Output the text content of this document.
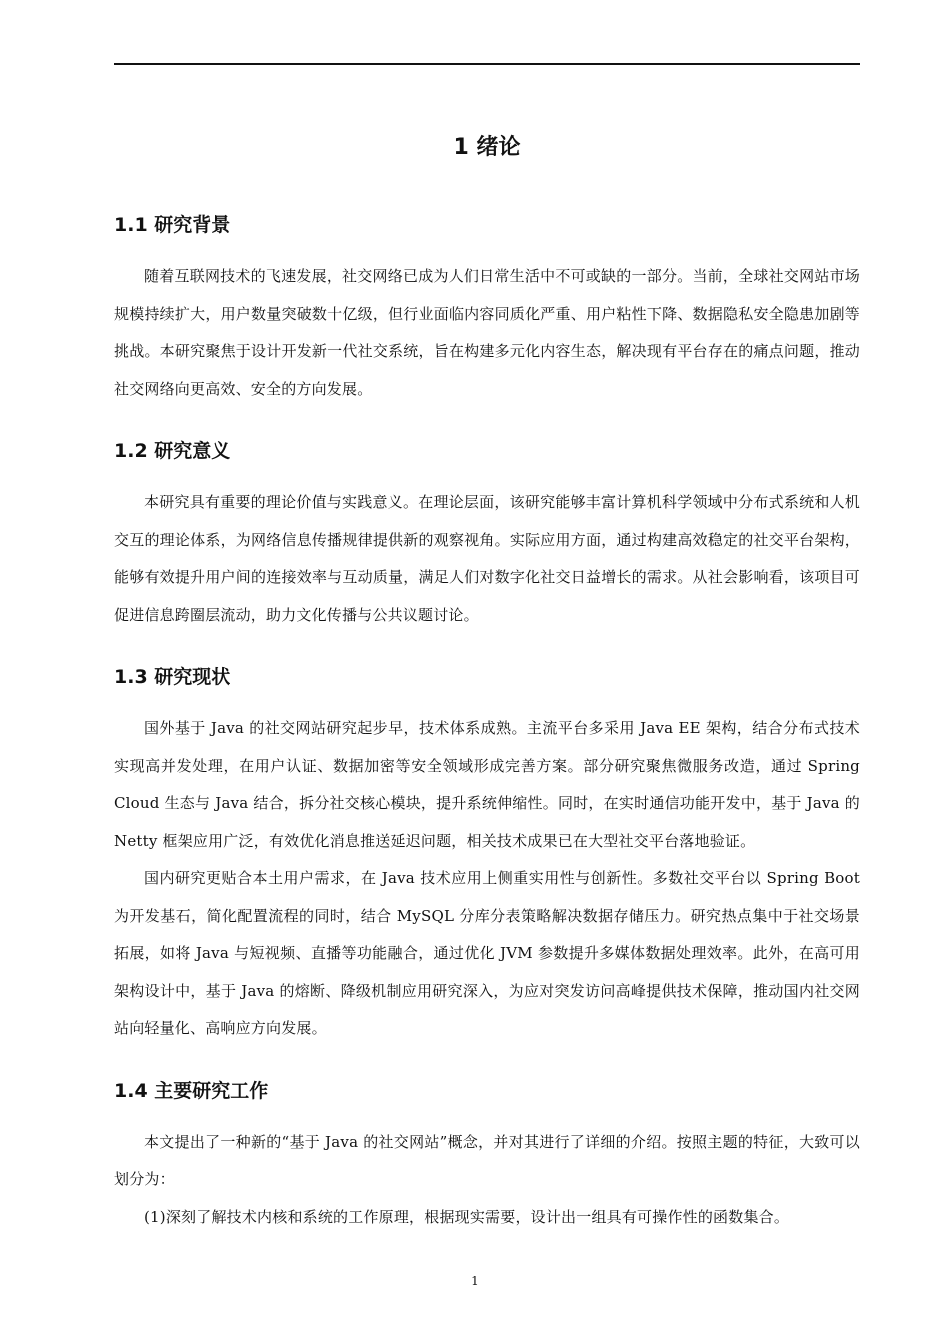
1 绪论
1.1 研究背景

随着互联网技术的飞速发展，社交网络已成为人们日常生活中不可或缺的一部分。当前，全球社交网站市场规模持续扩大，用户数量突破数十亿级，但行业面临内容同质化严重、用户粘性下降、数据隐私安全隐患加剧等挑战。本研究聚焦于设计开发新一代社交系统，旨在构建多元化内容生态，解决现有平台存在的痛点问题，推动社交网络向更高效、安全的方向发展。

1.2 研究意义

本研究具有重要的理论价值与实践意义。在理论层面，该研究能够丰富计算机科学领域中分布式系统和人机交互的理论体系，为网络信息传播规律提供新的观察视角。实际应用方面，通过构建高效稳定的社交平台架构，能够有效提升用户间的连接效率与互动质量，满足人们对数字化社交日益增长的需求。从社会影响看，该项目可促进信息跨圈层流动，助力文化传播与公共议题讨论。

1.3 研究现状

国外基于 Java 的社交网站研究起步早，技术体系成熟。主流平台多采用 Java EE 架构，结合分布式技术实现高并发处理，在用户认证、数据加密等安全领域形成完善方案。部分研究聚焦微服务改造，通过 Spring Cloud 生态与 Java 结合，拆分社交核心模块，提升系统伸缩性。同时，在实时通信功能开发中，基于 Java 的 Netty 框架应用广泛，有效优化消息推送延迟问题，相关技术成果已在大型社交平台落地验证。

国内研究更贴合本土用户需求，在 Java 技术应用上侧重实用性与创新性。多数社交平台以 Spring Boot 为开发基石，简化配置流程的同时，结合 MySQL 分库分表策略解决数据存储压力。研究热点集中于社交场景拓展，如将 Java 与短视频、直播等功能融合，通过优化 JVM 参数提升多媒体数据处理效率。此外，在高可用架构设计中，基于 Java 的熔断、降级机制应用研究深入，为应对突发访问高峰提供技术保障，推动国内社交网站向轻量化、高响应方向发展。

1.4 主要研究工作

本文提出了一种新的“基于 Java 的社交网站”概念，并对其进行了详细的介绍。按照主题的特征，大致可以划分为：

(1)深刻了解技术内核和系统的工作原理，根据现实需要，设计出一组具有可操作性的函数集合。

1
